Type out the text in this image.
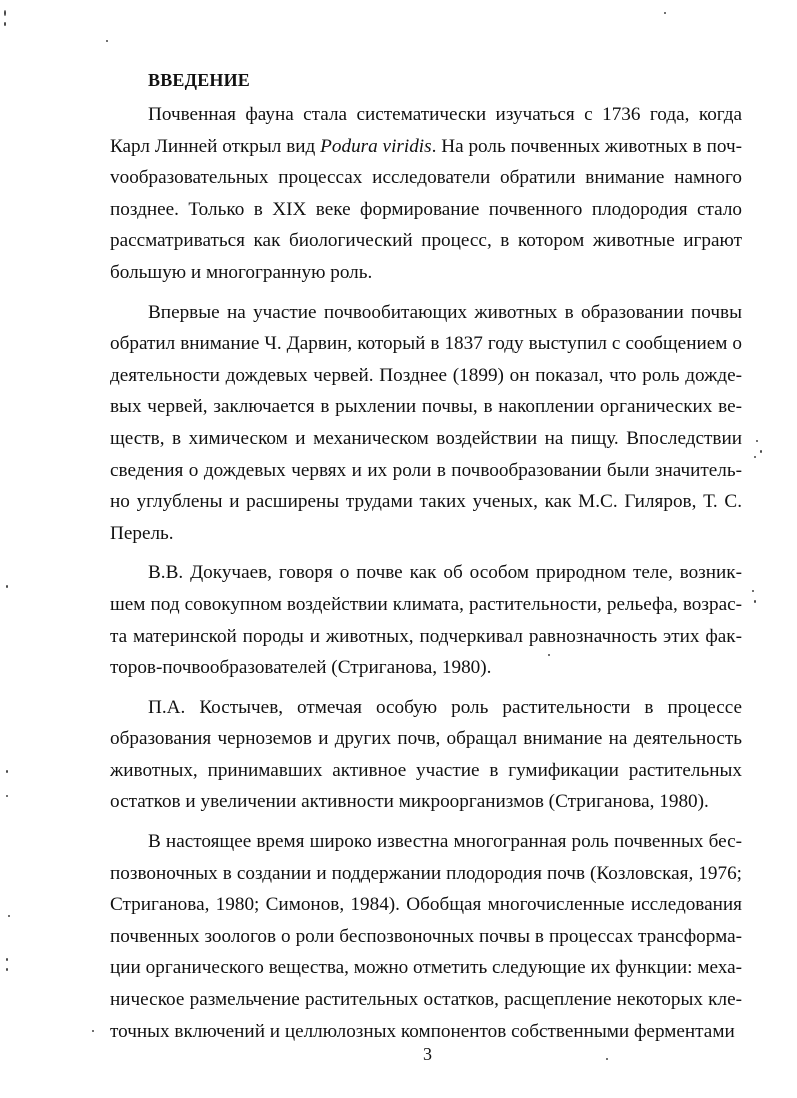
ВВЕДЕНИЕ

Почвенная фауна стала систематически изучаться с 1736 года, когда Карл Линней открыл вид Podura viridis. На роль почвенных животных в почvообразовательных процессах исследователи обратили внимание намного позднее. Только в XIX веке формирование почвенного плодородия стало рассматриваться как биологический процесс, в котором животные играют большую и многогранную роль.

Впервые на участие почвообитающих животных в образовании почвы обратил внимание Ч. Дарвин, который в 1837 году выступил с сообщением о деятельности дождевых червей. Позднее (1899) он показал, что роль дождевых червей, заключается в рыхлении почвы, в накоплении органических веществ, в химическом и механическом воздействии на пищу. Впоследствии сведения о дождевых червях и их роли в почвообразовании были значительно углублены и расширены трудами таких ученых, как М.С. Гиляров, Т. С. Перель.

В.В. Докучаев, говоря о почве как об особом природном теле, возникшем под совокупном воздействии климата, растительности, рельефа, возраста материнской породы и животных, подчеркивал равнозначность этих факторов-почвообразователей (Стриганова, 1980).

П.А. Костычев, отмечая особую роль растительности в процессе образования черноземов и других почв, обращал внимание на деятельность животных, принимавших активное участие в гумификации растительных остатков и увеличении активности микроорганизмов (Стриганова, 1980).

В настоящее время широко известна многогранная роль почвенных беспозвоночных в создании и поддержании плодородия почв (Козловская, 1976; Стриганова, 1980; Симонов, 1984). Обобщая многочисленные исследования почвенных зоологов о роли беспозвоночных почвы в процессах трансформации органического вещества, можно отметить следующие их функции: механическое размельчение растительных остатков, расщепление некоторых клеточных включений и целлюлозных компонентов собственными ферментами

3
